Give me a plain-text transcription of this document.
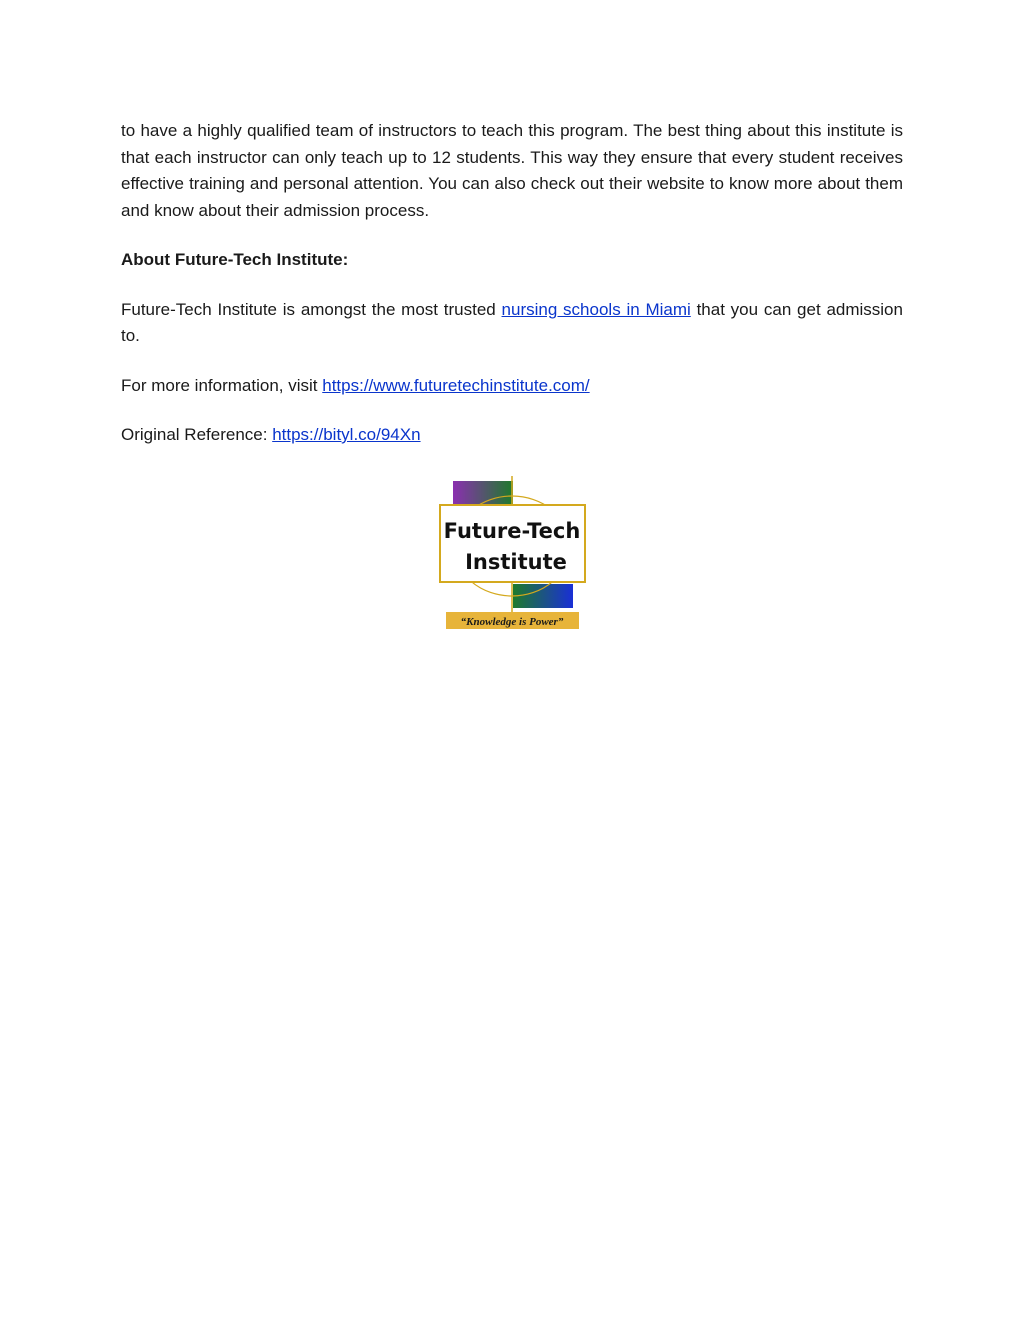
to have a highly qualified team of instructors to teach this program. The best thing about this institute is that each instructor can only teach up to 12 students. This way they ensure that every student receives effective training and personal attention. You can also check out their website to know more about them and know about their admission process.

About Future-Tech Institute:

Future-Tech Institute is amongst the most trusted nursing schools in Miami that you can get admission to.

For more information, visit https://www.futuretechinstitute.com/

Original Reference: https://bityl.co/94Xn

Future-Tech
Institute
“Knowledge is Power”
